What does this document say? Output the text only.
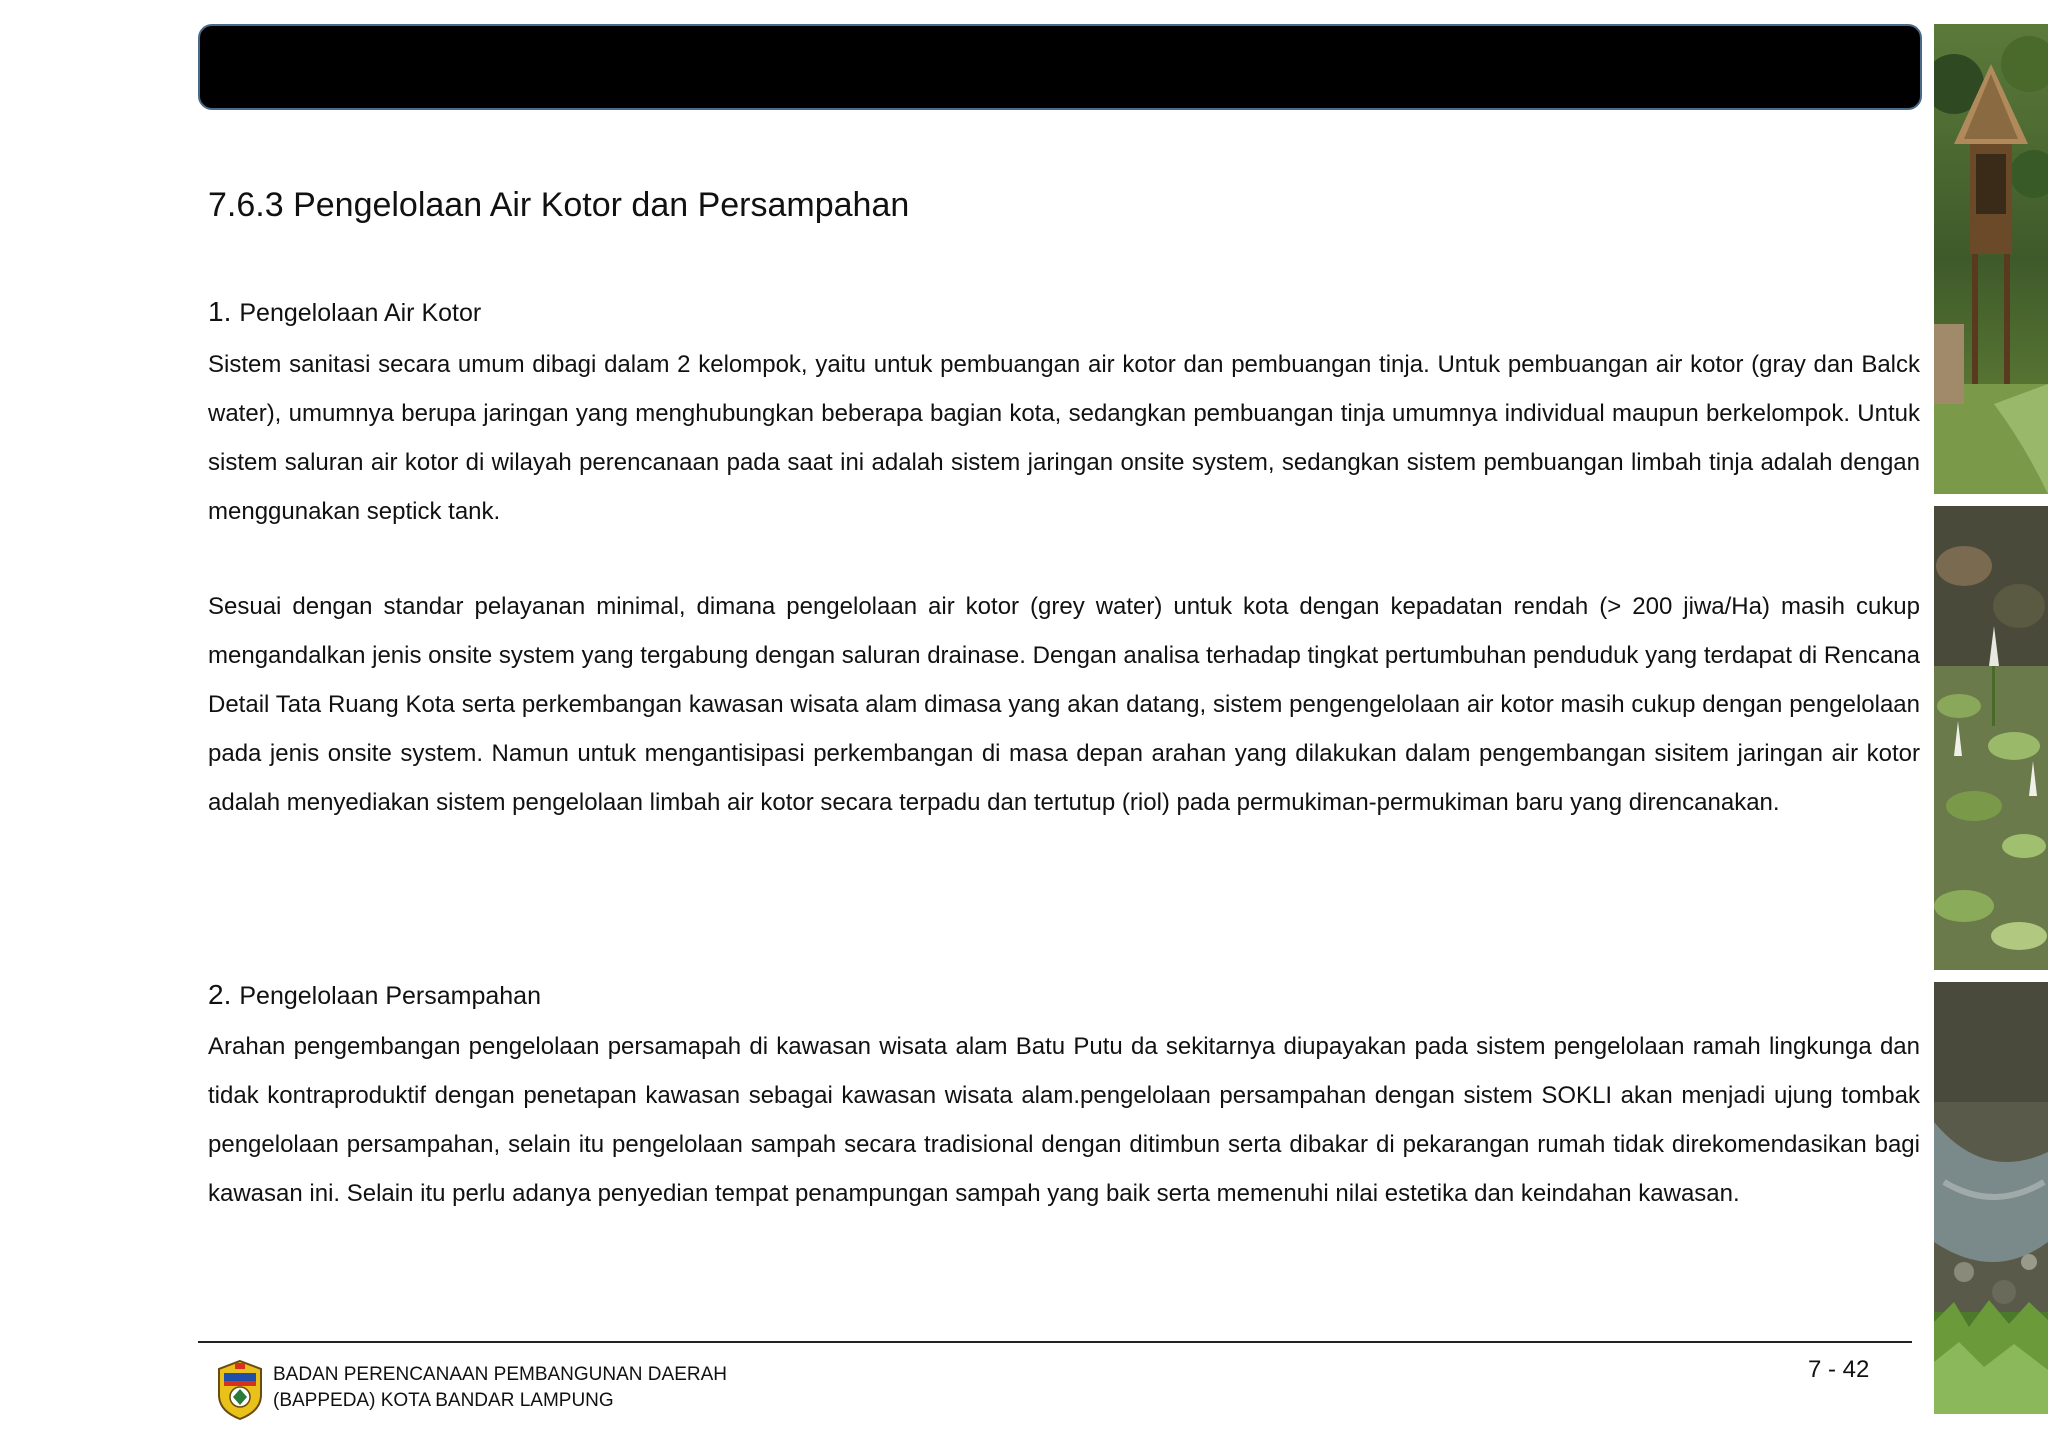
7.6.3 Pengelolaan Air Kotor dan Persampahan

1. Pengelolaan Air Kotor

Sistem sanitasi secara umum dibagi dalam 2 kelompok, yaitu untuk pembuangan air kotor dan pembuangan tinja. Untuk pembuangan air kotor (gray dan Balck water), umumnya berupa jaringan yang menghubungkan beberapa bagian kota, sedangkan pembuangan tinja umumnya individual maupun berkelompok. Untuk sistem saluran air kotor di wilayah perencanaan pada saat ini adalah sistem jaringan onsite system, sedangkan sistem pembuangan limbah tinja adalah dengan menggunakan septick tank.

Sesuai dengan standar pelayanan minimal, dimana pengelolaan air kotor (grey water) untuk kota dengan kepadatan rendah (> 200 jiwa/Ha) masih cukup mengandalkan jenis onsite system yang tergabung dengan saluran drainase. Dengan analisa terhadap tingkat pertumbuhan penduduk yang terdapat di Rencana Detail Tata Ruang Kota serta perkembangan kawasan wisata alam dimasa yang akan datang, sistem pengengelolaan air kotor masih cukup dengan pengelolaan pada jenis onsite system. Namun untuk mengantisipasi perkembangan di masa depan arahan yang dilakukan dalam pengembangan sisitem jaringan air kotor adalah menyediakan sistem pengelolaan limbah air kotor secara terpadu dan tertutup (riol) pada permukiman-permukiman baru yang direncanakan.

2. Pengelolaan Persampahan

Arahan pengembangan pengelolaan persamapah di kawasan wisata alam Batu Putu da sekitarnya diupayakan pada sistem pengelolaan ramah lingkunga dan tidak kontraproduktif dengan penetapan kawasan sebagai kawasan wisata alam.pengelolaan persampahan dengan sistem SOKLI akan menjadi ujung tombak pengelolaan persampahan, selain itu pengelolaan sampah secara tradisional dengan ditimbun serta dibakar di pekarangan rumah tidak direkomendasikan bagi kawasan ini. Selain itu perlu adanya penyedian tempat penampungan sampah yang baik serta memenuhi nilai estetika dan keindahan kawasan.

BADAN PERENCANAAN PEMBANGUNAN DAERAH
(BAPPEDA) KOTA BANDAR LAMPUNG
7 - 42
